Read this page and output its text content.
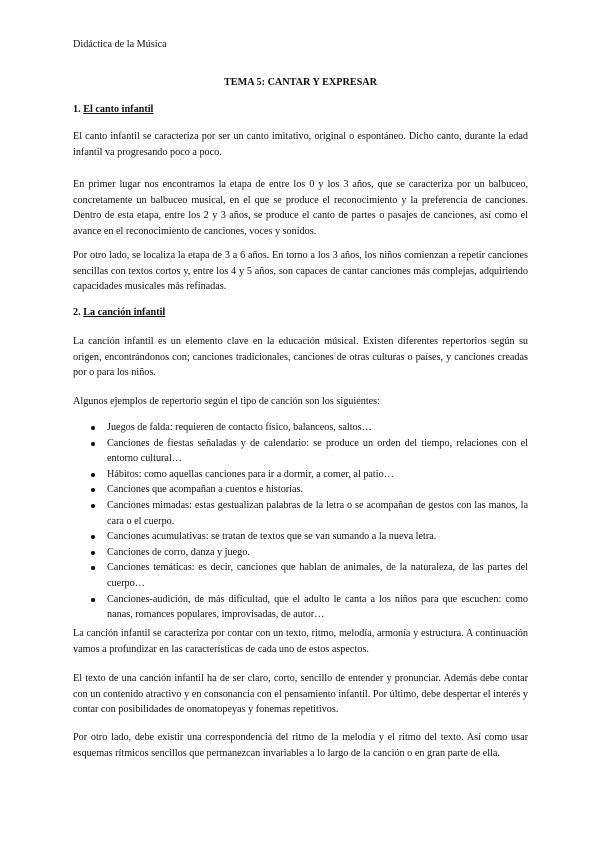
Didáctica de la Música
TEMA 5: CANTAR Y EXPRESAR
1. El canto infantil

El canto infantil se caracteriza por ser un canto imitativo, original o espontáneo. Dicho canto, durante la edad infantil va progresando poco a poco.

En primer lugar nos encontramos la etapa de entre los 0 y los 3 años, que se caracteriza por un balbuceo, concretamente un balbuceo musical, en el que se produce el reconocimiento y la preferencia de canciones. Dentro de esta etapa, entre los 2 y 3 años, se produce el canto de partes o pasajes de canciones, así como el avance en el reconocimiento de canciones, voces y sonidos.

Por otro lado, se localiza la etapa de 3 a 6 años. En torno a los 3 años, los niños comienzan a repetir canciones sencillas con textos cortos y, entre los 4 y 5 años, son capaces de cantar canciones más complejas, adquiriendo capacidades musicales más refinadas.

2. La canción infantil

La canción infantil es un elemento clave en la educación músical. Existen diferentes repertorios según su origen, encontrándonos con; canciones tradicionales, canciones de otras culturas o países, y canciones creadas por o para los niños.

Algunos ejemplos de repertorio según el tipo de canción son los siguientes:

Juegos de falda: requieren de contacto físico, balanceos, saltos…
Canciones de fiestas señaladas y de calendario: se produce un orden del tiempo, relaciones con el entorno cultural…
Hábitos: como aquellas canciones para ir a dormir, a comer, al patio…
Canciones que acompañan a cuentos e historias.
Canciones mimadas: estas gestualizan palabras de la letra o se acompañan de gestos con las manos, la cara o el cuerpo.
Canciones acumulativas: se tratan de textos que se van sumando a la nueva letra.
Canciones de corro, danza y juego.
Canciones temáticas: es decir, canciones que hablan de animales, de la naturaleza, de las partes del cuerpo…
Canciones-audición, de más dificultad, que el adulto le canta a los niños para que escuchen: como nanas, romances populares, improvisadas, de autor…

La canción infantil se caracteriza por contar con un texto, ritmo, melodía, armonía y estructura. A continuación vamos a profundizar en las características de cada uno de estos aspectos.

El texto de una canción infantil ha de ser claro, corto, sencillo de entender y pronunciar. Además debe contar con un contenido atractivo y en consonancia con el pensamiento infantil. Por último, debe despertar el interés y contar con posibilidades de onomatopeyas y fonemas repetitivos.

Por otro lado, debe existir una correspondencia del ritmo de la melodía y el ritmo del texto. Así como usar esquemas rítmicos sencillos que permanezcan invariables a lo largo de la canción o en gran parte de ella.
